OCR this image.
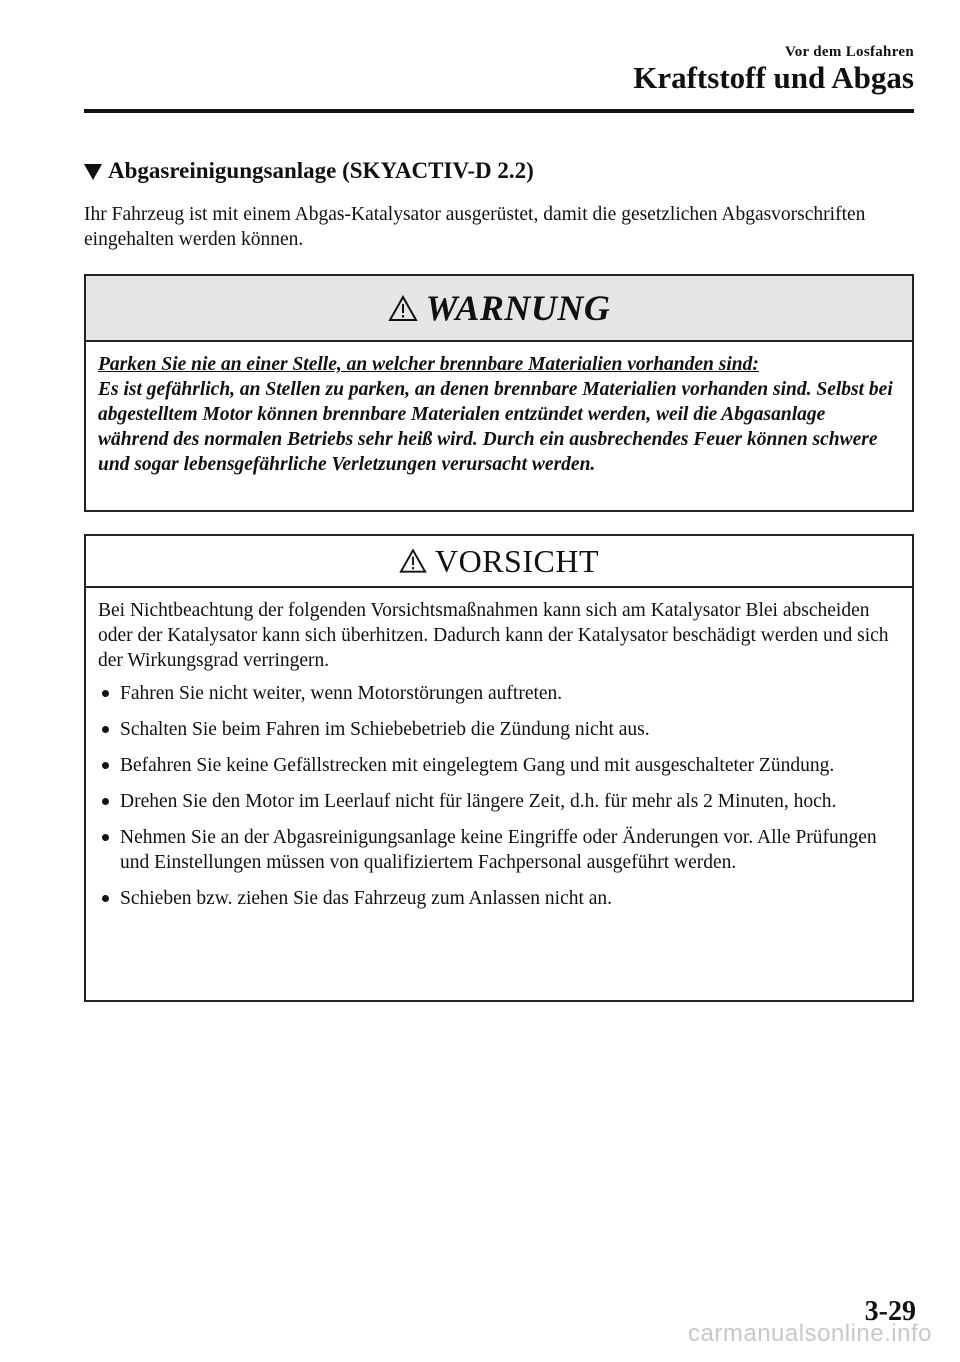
Vor dem Losfahren
Kraftstoff und Abgas
Abgasreinigungsanlage (SKYACTIV-D 2.2)

Ihr Fahrzeug ist mit einem Abgas-Katalysator ausgerüstet, damit die gesetzlichen Abgasvorschriften eingehalten werden können.

WARNUNG

Parken Sie nie an einer Stelle, an welcher brennbare Materialien vorhanden sind:
Es ist gefährlich, an Stellen zu parken, an denen brennbare Materialien vorhanden sind. Selbst bei abgestelltem Motor können brennbare Materialen entzündet werden, weil die Abgasanlage während des normalen Betriebs sehr heiß wird. Durch ein ausbrechendes Feuer können schwere und sogar lebensgefährliche Verletzungen verursacht werden.

VORSICHT

Bei Nichtbeachtung der folgenden Vorsichtsmaßnahmen kann sich am Katalysator Blei abscheiden oder der Katalysator kann sich überhitzen. Dadurch kann der Katalysator beschädigt werden und sich der Wirkungsgrad verringern.

Fahren Sie nicht weiter, wenn Motorstörungen auftreten.
Schalten Sie beim Fahren im Schiebebetrieb die Zündung nicht aus.
Befahren Sie keine Gefällstrecken mit eingelegtem Gang und mit ausgeschalteter Zündung.
Drehen Sie den Motor im Leerlauf nicht für längere Zeit, d.h. für mehr als 2 Minuten, hoch.
Nehmen Sie an der Abgasreinigungsanlage keine Eingriffe oder Änderungen vor. Alle Prüfungen und Einstellungen müssen von qualifiziertem Fachpersonal ausgeführt werden.
Schieben bzw. ziehen Sie das Fahrzeug zum Anlassen nicht an.
3-29
carmanualsonline.info
